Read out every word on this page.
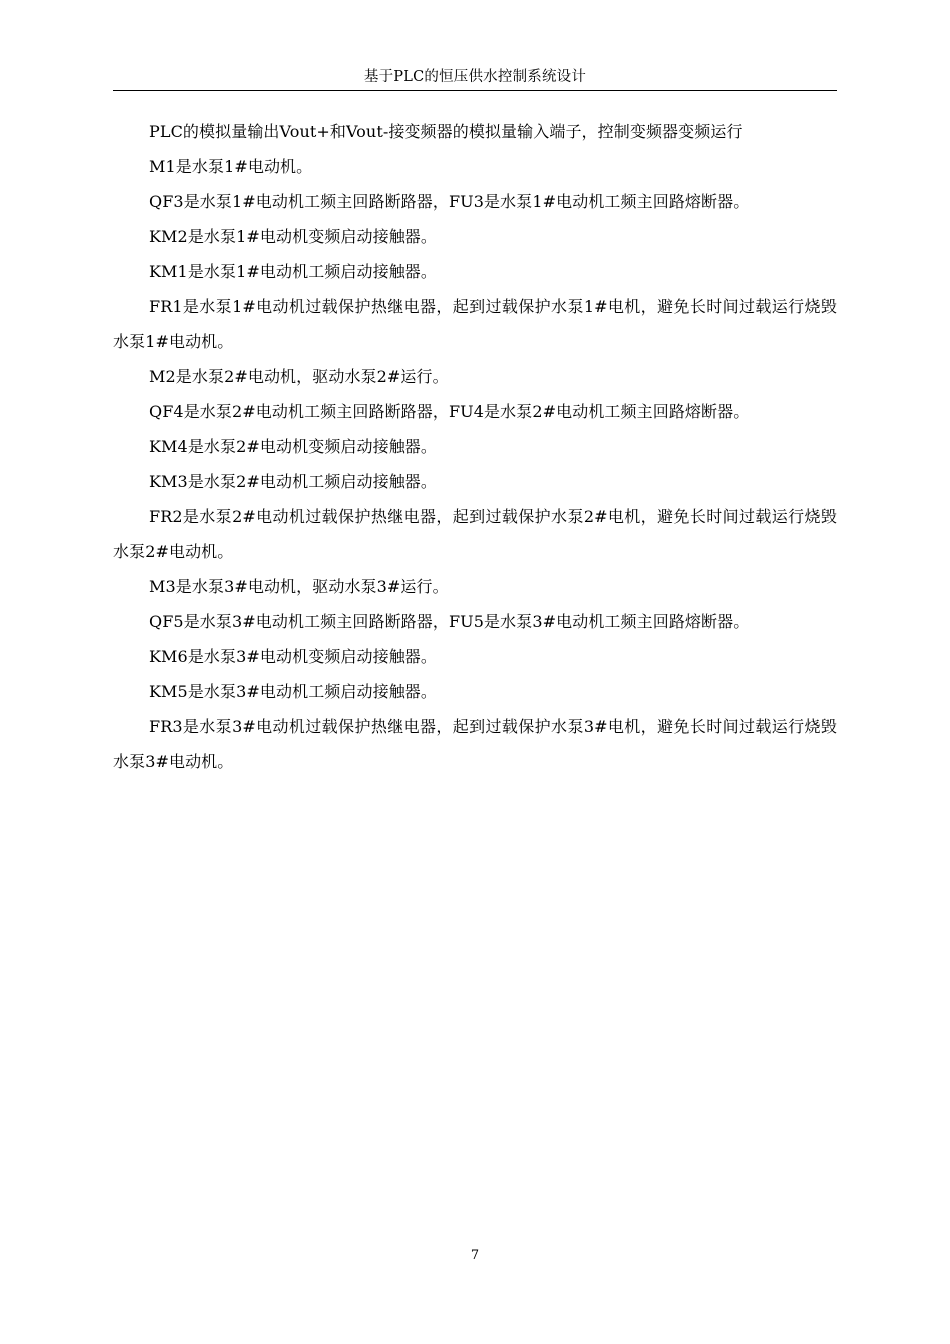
基于PLC的恒压供水控制系统设计

PLC的模拟量输出Vout+和Vout-接变频器的模拟量输入端子，控制变频器变频运行

M1是水泵1#电动机。

QF3是水泵1#电动机工频主回路断路器，FU3是水泵1#电动机工频主回路熔断器。

KM2是水泵1#电动机变频启动接触器。

KM1是水泵1#电动机工频启动接触器。

FR1是水泵1#电动机过载保护热继电器，起到过载保护水泵1#电机，避免长时间过载运行烧毁水泵1#电动机。

M2是水泵2#电动机，驱动水泵2#运行。

QF4是水泵2#电动机工频主回路断路器，FU4是水泵2#电动机工频主回路熔断器。

KM4是水泵2#电动机变频启动接触器。

KM3是水泵2#电动机工频启动接触器。

FR2是水泵2#电动机过载保护热继电器，起到过载保护水泵2#电机，避免长时间过载运行烧毁水泵2#电动机。

M3是水泵3#电动机，驱动水泵3#运行。

QF5是水泵3#电动机工频主回路断路器，FU5是水泵3#电动机工频主回路熔断器。

KM6是水泵3#电动机变频启动接触器。

KM5是水泵3#电动机工频启动接触器。

FR3是水泵3#电动机过载保护热继电器，起到过载保护水泵3#电机，避免长时间过载运行烧毁水泵3#电动机。

7
